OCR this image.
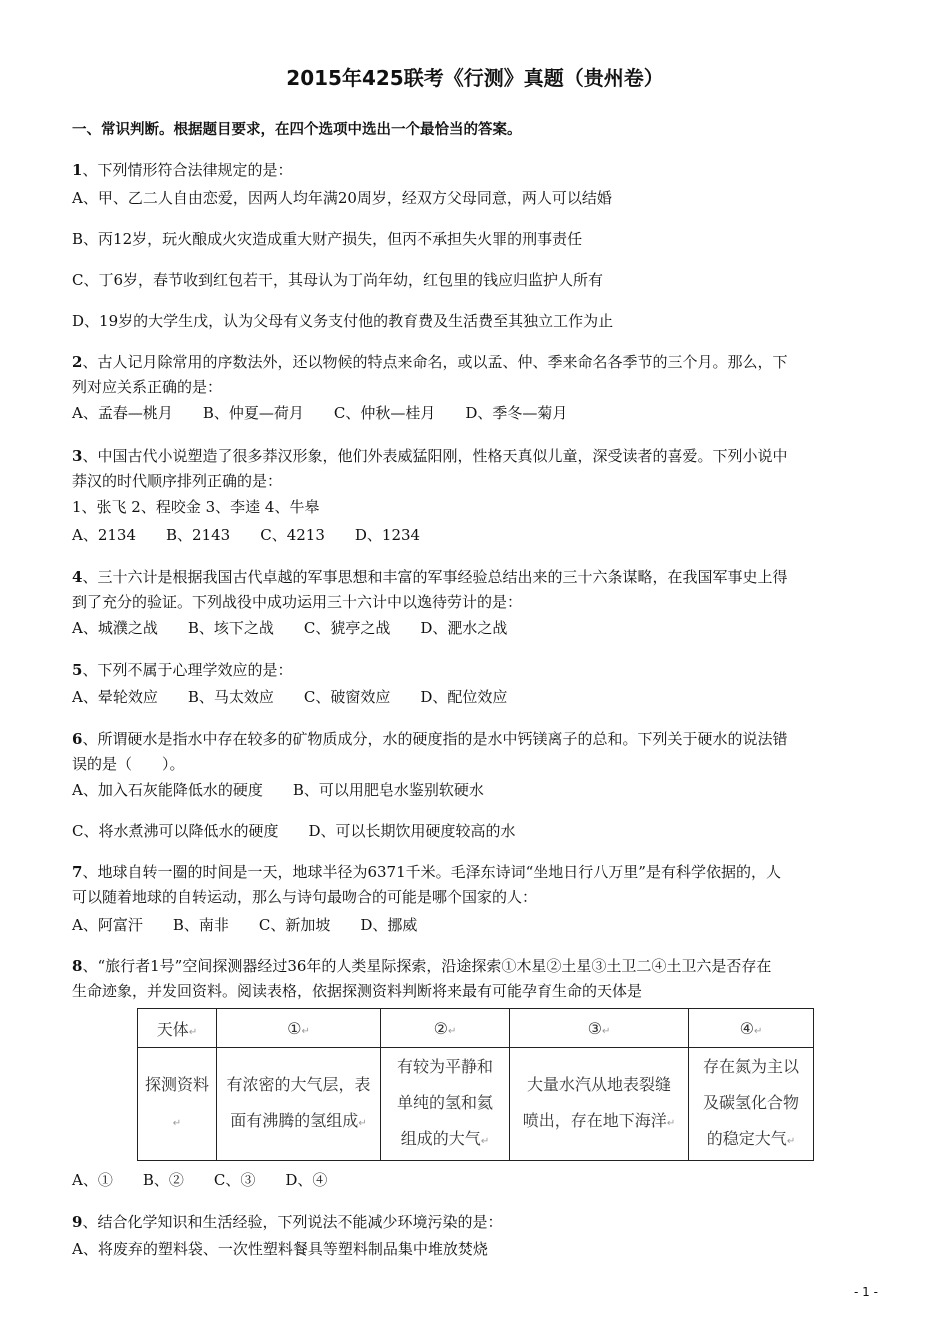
2015年425联考《行测》真题（贵州卷）
一、常识判断。根据题目要求，在四个选项中选出一个最恰当的答案。
1、下列情形符合法律规定的是：
A、甲、乙二人自由恋爱，因两人均年满20周岁，经双方父母同意，两人可以结婚
B、丙12岁，玩火酿成火灾造成重大财产损失，但丙不承担失火罪的刑事责任
C、丁6岁，春节收到红包若干，其母认为丁尚年幼，红包里的钱应归监护人所有
D、19岁的大学生戊，认为父母有义务支付他的教育费及生活费至其独立工作为止
2、古人记月除常用的序数法外，还以物候的特点来命名，或以孟、仲、季来命名各季节的三个月。那么，下
列对应关系正确的是：
A、孟春—桃月 B、仲夏—荷月 C、仲秋—桂月 D、季冬—菊月
3、中国古代小说塑造了很多莽汉形象，他们外表威猛阳刚，性格天真似儿童，深受读者的喜爱。下列小说中
莽汉的时代顺序排列正确的是：
1、张飞 2、程咬金 3、李逵 4、牛皋
A、2134 B、2143 C、4213 D、1234
4、三十六计是根据我国古代卓越的军事思想和丰富的军事经验总结出来的三十六条谋略，在我国军事史上得
到了充分的验证。下列战役中成功运用三十六计中以逸待劳计的是：
A、城濮之战 B、垓下之战 C、猇亭之战 D、淝水之战
5、下列不属于心理学效应的是：
A、晕轮效应 B、马太效应 C、破窗效应 D、配位效应
6、所谓硬水是指水中存在较多的矿物质成分，水的硬度指的是水中钙镁离子的总和。下列关于硬水的说法错
误的是（　　）。
A、加入石灰能降低水的硬度 B、可以用肥皂水鉴别软硬水
C、将水煮沸可以降低水的硬度 D、可以长期饮用硬度较高的水
7、地球自转一圈的时间是一天，地球半径为6371千米。毛泽东诗词“坐地日行八万里”是有科学依据的，人
可以随着地球的自转运动，那么与诗句最吻合的可能是哪个国家的人：
A、阿富汗 B、南非 C、新加坡 D、挪威
8、“旅行者1号”空间探测器经过36年的人类星际探索，沿途探索①木星②土星③土卫二④土卫六是否存在
生命迹象，并发回资料。阅读表格，依据探测资料判断将来最有可能孕育生命的天体是
天体↵	①↵	②↵	③↵	④↵
探测资料↵	有浓密的大气层，表
面有沸腾的氢组成↵	有较为平静和
单纯的氢和氦
组成的大气↵	大量水汽从地表裂缝
喷出，存在地下海洋↵	存在氮为主以
及碳氢化合物
的稳定大气↵
A、① B、② C、③ D、④
9、结合化学知识和生活经验，下列说法不能减少环境污染的是：
A、将废弃的塑料袋、一次性塑料餐具等塑料制品集中堆放焚烧
- 1 -
